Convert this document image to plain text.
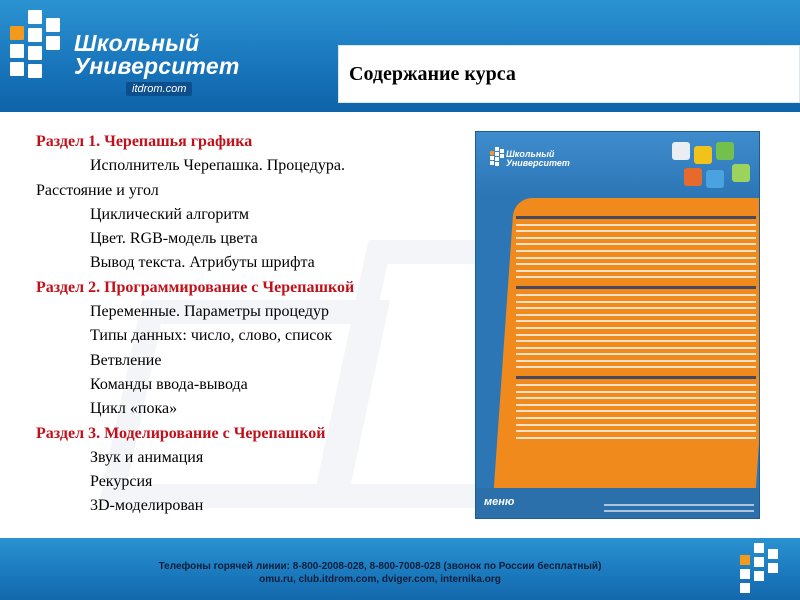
Школьный
Университет
itdrom.com
Содержание курса
Раздел 1. Черепашья графика
Исполнитель Черепашка. Процедура.
Расстояние и угол
Циклический алгоритм
Цвет. RGB-модель цвета
Вывод текста. Атрибуты шрифта
Раздел 2. Программирование с Черепашкой
Переменные. Параметры процедур
Типы данных: число, слово, список
Ветвление
Команды ввода-вывода
Цикл «пока»
Раздел 3. Моделирование с Черепашкой
Звук и анимация
Рекурсия
3D-моделирован
Школьный
Университет
меню
Телефоны горячей линии: 8-800-2008-028, 8-800-7008-028 (звонок по России бесплатный)
omu.ru, club.itdrom.com, dviger.com, internika.org
